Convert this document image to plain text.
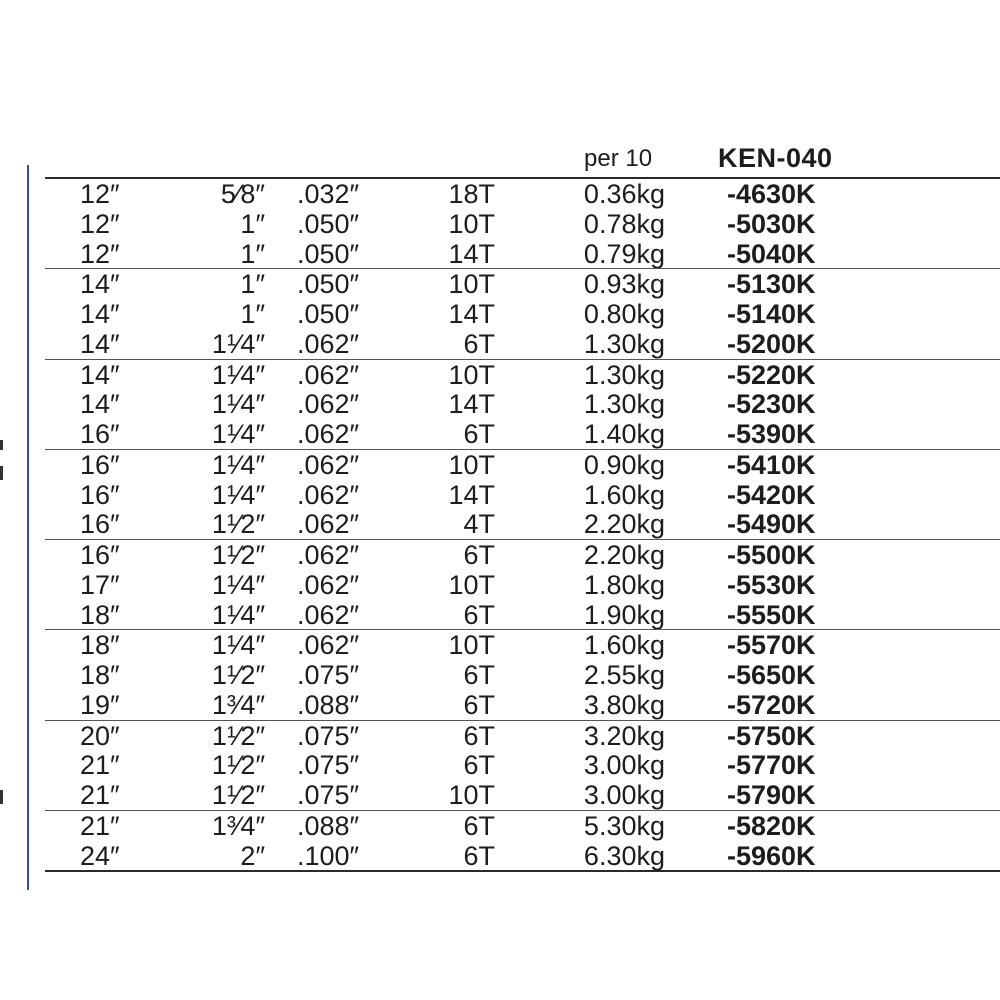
per 10 KEN-040
12″	5⁄8″ .032″	18T	0.36kg -4630K
12″	1″ .050″	10T	0.78kg -5030K
12″	1″ .050″	14T	0.79kg -5040K
14″	1″ .050″	10T	0.93kg -5130K
14″	1″ .050″	14T	0.80kg -5140K
14″	1¹⁄4″ .062″	6T	1.30kg -5200K
14″	1¹⁄4″ .062″	10T	1.30kg -5220K
14″	1¹⁄4″ .062″	14T	1.30kg -5230K
16″	1¹⁄4″ .062″	6T	1.40kg -5390K
16″	1¹⁄4″ .062″	10T	0.90kg -5410K
16″	1¹⁄4″ .062″	14T	1.60kg -5420K
16″	1¹⁄2″ .062″	4T	2.20kg -5490K
16″	1¹⁄2″ .062″	6T	2.20kg -5500K
17″	1¹⁄4″ .062″	10T	1.80kg -5530K
18″	1¹⁄4″ .062″	6T	1.90kg -5550K
18″	1¹⁄4″ .062″	10T	1.60kg -5570K
18″	1¹⁄2″ .075″	6T	2.55kg -5650K
19″	1³⁄4″ .088″	6T	3.80kg -5720K
20″	1¹⁄2″ .075″	6T	3.20kg -5750K
21″	1¹⁄2″ .075″	6T	3.00kg -5770K
21″	1¹⁄2″ .075″	10T	3.00kg -5790K
21″	1³⁄4″ .088″	6T	5.30kg -5820K
24″	2″ .100″	6T	6.30kg -5960K
